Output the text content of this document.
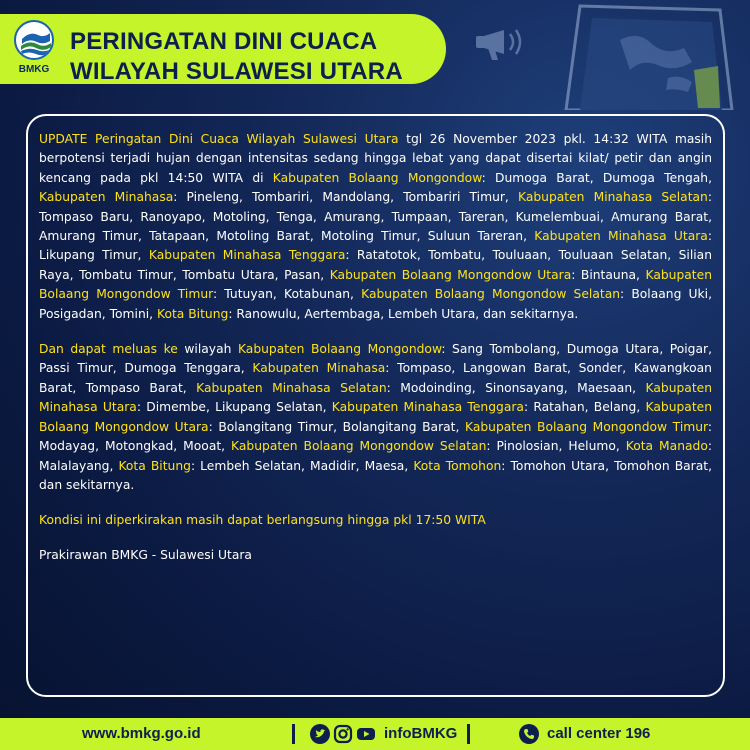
BMKG
PERINGATAN DINI CUACA
WILAYAH SULAWESI UTARA

UPDATE Peringatan Dini Cuaca Wilayah Sulawesi Utara tgl 26 November 2023 pkl. 14:32 WITA masih berpotensi terjadi hujan dengan intensitas sedang hingga lebat yang dapat disertai kilat/ petir dan angin kencang pada pkl 14:50 WITA di Kabupaten Bolaang Mongondow: Dumoga Barat, Dumoga Tengah, Kabupaten Minahasa: Pineleng, Tombariri, Mandolang, Tombariri Timur, Kabupaten Minahasa Selatan: Tompaso Baru, Ranoyapo, Motoling, Tenga, Amurang, Tumpaan, Tareran, Kumelembuai, Amurang Barat, Amurang Timur, Tatapaan, Motoling Barat, Motoling Timur, Suluun Tareran, Kabupaten Minahasa Utara: Likupang Timur, Kabupaten Minahasa Tenggara: Ratatotok, Tombatu, Touluaan, Touluaan Selatan, Silian Raya, Tombatu Timur, Tombatu Utara, Pasan, Kabupaten Bolaang Mongondow Utara: Bintauna, Kabupaten Bolaang Mongondow Timur: Tutuyan, Kotabunan, Kabupaten Bolaang Mongondow Selatan: Bolaang Uki, Posigadan, Tomini, Kota Bitung: Ranowulu, Aertembaga, Lembeh Utara, dan sekitarnya.

Dan dapat meluas ke wilayah Kabupaten Bolaang Mongondow: Sang Tombolang, Dumoga Utara, Poigar, Passi Timur, Dumoga Tenggara, Kabupaten Minahasa: Tompaso, Langowan Barat, Sonder, Kawangkoan Barat, Tompaso Barat, Kabupaten Minahasa Selatan: Modoinding, Sinonsayang, Maesaan, Kabupaten Minahasa Utara: Dimembe, Likupang Selatan, Kabupaten Minahasa Tenggara: Ratahan, Belang, Kabupaten Bolaang Mongondow Utara: Bolangitang Timur, Bolangitang Barat, Kabupaten Bolaang Mongondow Timur: Modayag, Motongkad, Mooat, Kabupaten Bolaang Mongondow Selatan: Pinolosian, Helumo, Kota Manado: Malalayang, Kota Bitung: Lembeh Selatan, Madidir, Maesa, Kota Tomohon: Tomohon Utara, Tomohon Barat, dan sekitarnya.

Kondisi ini diperkirakan masih dapat berlangsung hingga pkl 17:50 WITA

Prakirawan BMKG - Sulawesi Utara

www.bmkg.go.id	infoBMKG	call center 196
